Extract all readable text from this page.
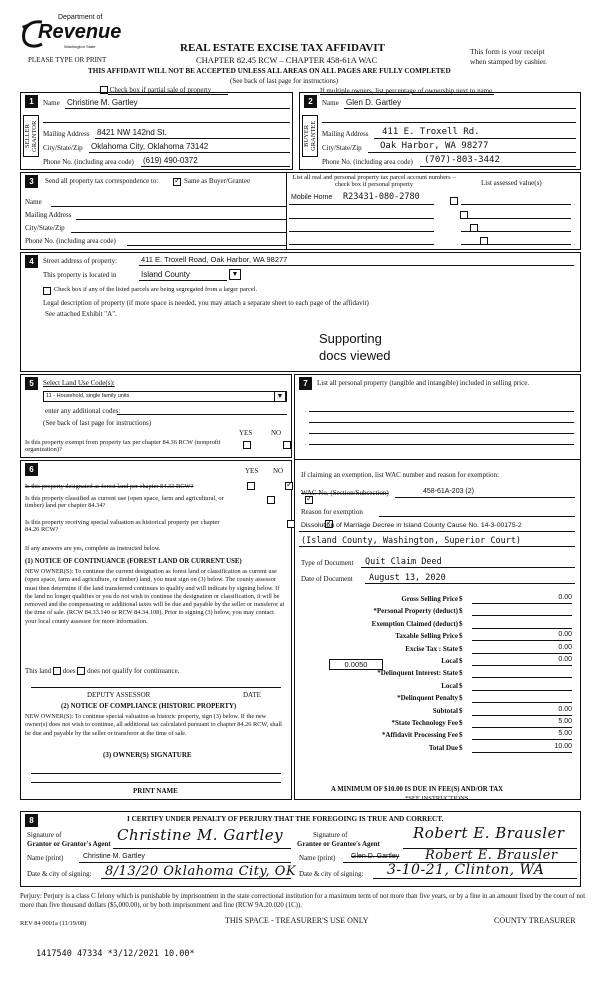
Department of
Revenue
Washington State
PLEASE TYPE OR PRINT
REAL ESTATE EXCISE TAX AFFIDAVIT
CHAPTER 82.45 RCW – CHAPTER 458-61A WAC
THIS AFFIDAVIT WILL NOT BE ACCEPTED UNLESS ALL AREAS ON ALL PAGES ARE FULLY COMPLETED
(See back of last page for instructions)
This form is your receipt
when stamped by cashier.
Check box if partial sale of property	If multiple owners, list percentage of ownership next to name.
1
SELLER GRANTOR
Name Christine M. Gartley
Mailing Address 8421 NW 142nd St.
City/State/Zip Oklahoma City, Oklahoma 73142
Phone No. (including area code) (619) 490-0372
2
BUYER GRANTEE
Name Glen D. Gartley
Mailing Address 411 E. Troxell Rd.
City/State/Zip Oak Harbor, WA 98277
Phone No. (including area code) (707)-803-3442
3	Send all property tax correspondence to:
✓	Same as Buyer/Grantee
Name
Mailing Address
City/State/Zip
Phone No. (including area code)
List all real and personal property tax parcel account numbers – check box if personal property	List assessed value(s)
Mobile Home R23431-080-2780

4	Street address of property:	411 E. Troxell Road, Oak Harbor, WA 98277
This property is located in	Island County	▼
Check box if any of the listed parcels are being segregated from a larger parcel.
Legal description of property (if more space is needed, you may attach a separate sheet to each page of the affidavit)
See attached Exhibit "A".
Supporting
docs viewed
5	Select Land Use Code(s):
11 - Household, single family units	▼
enter any additional codes:
(See back of last page for instructions)
YES	NO
Is this property exempt from property tax per chapter 84.36 RCW (nonprofit organization)?

6	YES NO
Is this property designated as forest land per chapter 84.33 RCW?
✓
Is this property classified as current use (open space, farm and agricultural, or timber) land per chapter 84.34?
✓
Is this property receiving special valuation as historical property per chapter 84.26 RCW?
✓
If any answers are yes, complete as instructed below.
(1) NOTICE OF CONTINUANCE (FOREST LAND OR CURRENT USE)
NEW OWNER(S): To continue the current designation as forest land or classification as current use (open space, farm and agriculture, or timber) land, you must sign on (3) below. The county assessor must then determine if the land transferred continues to qualify and will indicate by signing below. If the land no longer qualifies or you do not wish to continue the designation or classification, it will be removed and the compensating or additional taxes will be due and payable by the seller or transferor at the time of sale. (RCW 84.33.140 or RCW 84.34.108). Prior to signing (3) below, you may contact your local county assessor for more information.
This land does does not qualify for continuance.
DEPUTY ASSESSOR	DATE
(2) NOTICE OF COMPLIANCE (HISTORIC PROPERTY)
NEW OWNER(S): To continue special valuation as historic property, sign (3) below. If the new owner(s) does not wish to continue, all additional tax calculated pursuant to chapter 84.26 RCW, shall be due and payable by the seller or transferor at the time of sale.
(3) OWNER(S) SIGNATURE
PRINT NAME
7	List all personal property (tangible and intangible) included in selling price.
If claiming an exemption, list WAC number and reason for exemption:
WAC No. (Section/Subsection)	458-61A-203 (2)
Reason for exemption
Dissolution of Marriage Decree in Island County Cause No. 14-3-00175-2
(Island County, Washington, Superior Court)
Type of Document Quit Claim Deed
Date of Document August 13, 2020
Gross Selling Price $	0.00
*Personal Property (deduct) $
Exemption Claimed (deduct) $
Taxable Selling Price $	0.00
Excise Tax : State $	0.00
Local $	0.00
*Delinquent Interest: State $
Local $
*Delinquent Penalty $
Subtotal $	0.00
*State Technology Fee $	5.00
*Affidavit Processing Fee $	5.00
Total Due $	10.00
0.0050
A MINIMUM OF $10.00 IS DUE IN FEE(S) AND/OR TAX
*SEE INSTRUCTIONS
8	I CERTIFY UNDER PENALTY OF PERJURY THAT THE FOREGOING IS TRUE AND CORRECT.
Signature of
Grantor or Grantor's Agent Christine M. Gartley
Name (print)	Christine M. Gartley
Date & city of signing: 8/13/20 Oklahoma City, OK
Signature of
Grantee or Grantee's Agent
Robert E. Brausler
Name (print) Glen D. Gartley Robert E. Brausler
Date & city of signing: 3-10-21, Clinton, WA
Perjury: Perjury is a class C felony which is punishable by imprisonment in the state correctional institution for a maximum term of not more than five years, or by a fine in an amount fixed by the court of not more than five thousand dollars ($5,000.00), or by both imprisonment and fine (RCW 9A.20.020 (1C)).
REV 84 0001a (11/19/08)	THIS SPACE - TREASURER'S USE ONLY	COUNTY TREASURER
1417540 47334 *3/12/2021 10.00*
